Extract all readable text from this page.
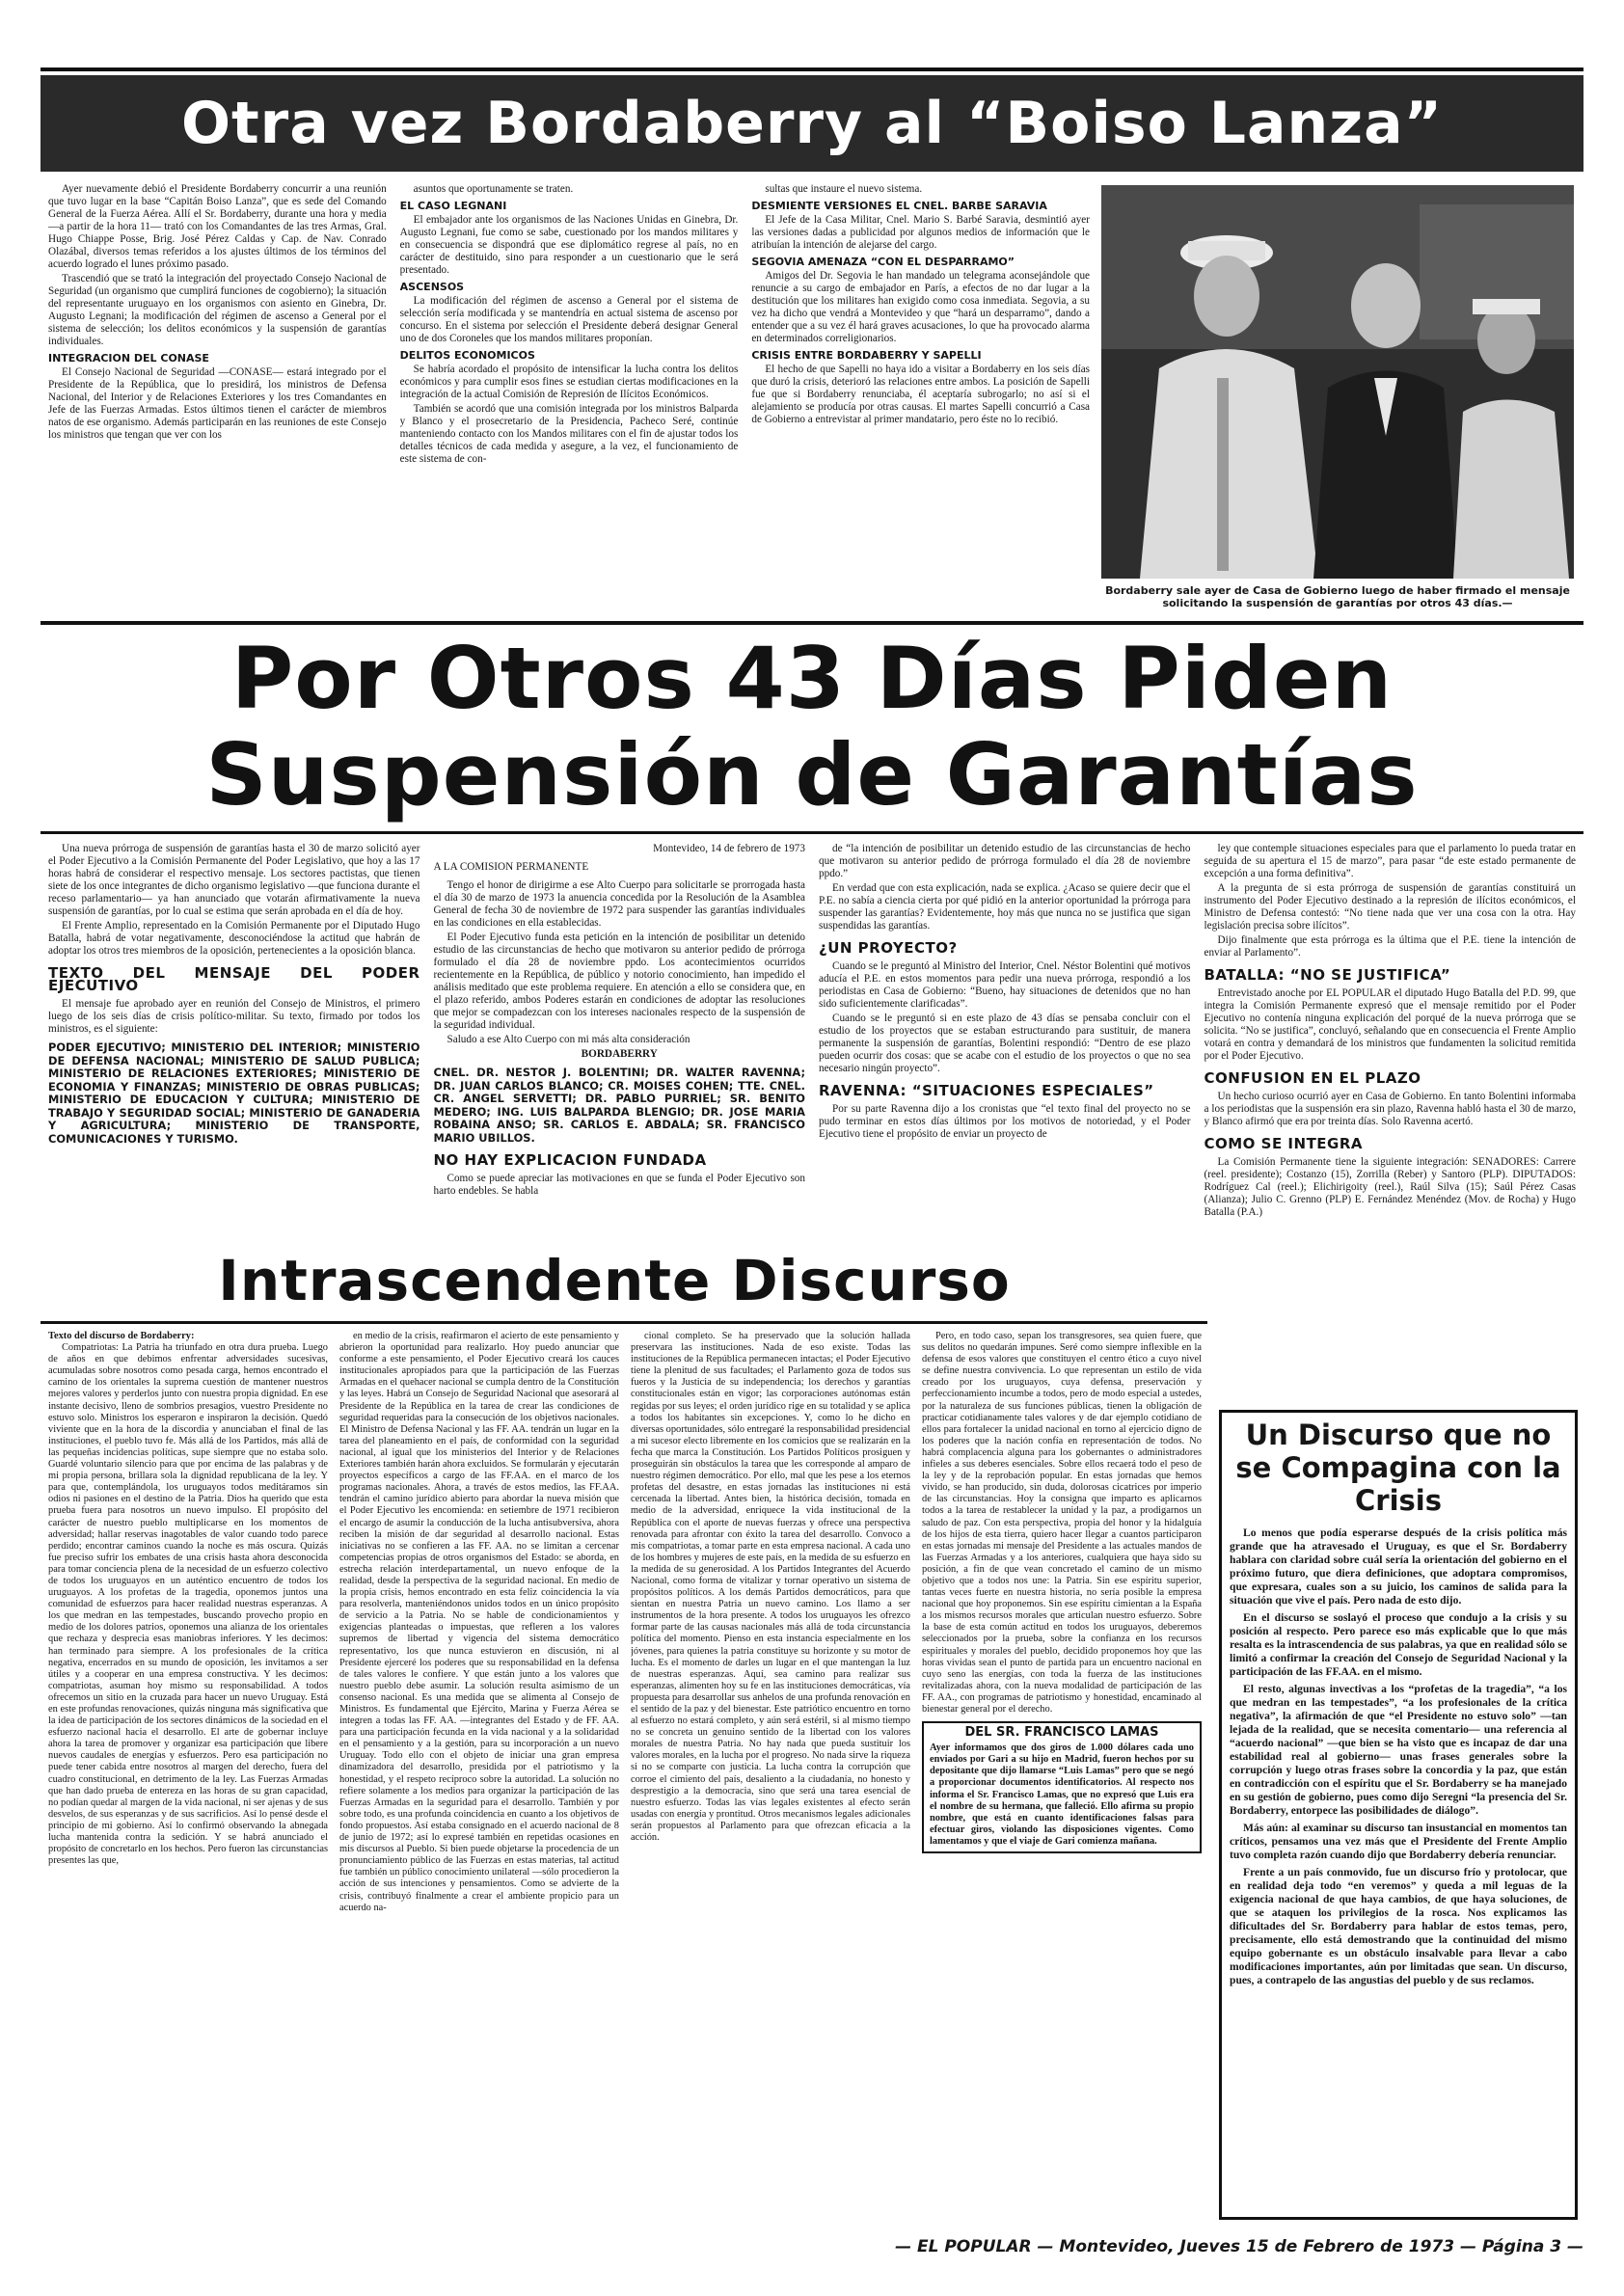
Otra vez Bordaberry al “Boiso Lanza”

Ayer nuevamente debió el Presidente Bordaberry concurrir a una reunión que tuvo lugar en la base “Capitán Boiso Lanza”, que es sede del Comando General de la Fuerza Aérea. Allí el Sr. Bordaberry, durante una hora y media —a partir de la hora 11— trató con los Comandantes de las tres Armas, Gral. Hugo Chiappe Posse, Brig. José Pérez Caldas y Cap. de Nav. Conrado Olazábal, diversos temas referidos a los ajustes últimos de los términos del acuerdo logrado el lunes próximo pasado.

Trascendió que se trató la integración del proyectado Consejo Nacional de Seguridad (un organismo que cumplirá funciones de cogobierno); la situación del representante uruguayo en los organismos con asiento en Ginebra, Dr. Augusto Legnani; la modificación del régimen de ascenso a General por el sistema de selección; los delitos económicos y la suspensión de garantías individuales.

INTEGRACION DEL CONASE

El Consejo Nacional de Seguridad —CONASE— estará integrado por el Presidente de la República, que lo presidirá, los ministros de Defensa Nacional, del Interior y de Relaciones Exteriores y los tres Comandantes en Jefe de las Fuerzas Armadas. Estos últimos tienen el carácter de miembros natos de ese organismo. Además participarán en las reuniones de este Consejo los ministros que tengan que ver con los

asuntos que oportunamente se traten.

EL CASO LEGNANI

El embajador ante los organismos de las Naciones Unidas en Ginebra, Dr. Augusto Legnani, fue como se sabe, cuestionado por los mandos militares y en consecuencia se dispondrá que ese diplomático regrese al país, no en carácter de destituido, sino para responder a un cuestionario que le será presentado.

ASCENSOS

La modificación del régimen de ascenso a General por el sistema de selección sería modificada y se mantendría en actual sistema de ascenso por concurso. En el sistema por selección el Presidente deberá designar General uno de dos Coroneles que los mandos militares proponían.

DELITOS ECONOMICOS

Se habría acordado el propósito de intensificar la lucha contra los delitos económicos y para cumplir esos fines se estudian ciertas modificaciones en la integración de la actual Comisión de Represión de Ilícitos Económicos.

También se acordó que una comisión integrada por los ministros Balparda y Blanco y el prosecretario de la Presidencia, Pacheco Seré, continúe manteniendo contacto con los Mandos militares con el fin de ajustar todos los detalles técnicos de cada medida y asegure, a la vez, el funcionamiento de este sistema de con-

sultas que instaure el nuevo sistema.

DESMIENTE VERSIONES EL CNEL. BARBE SARAVIA

El Jefe de la Casa Militar, Cnel. Mario S. Barbé Saravia, desmintió ayer las versiones dadas a publicidad por algunos medios de información que le atribuían la intención de alejarse del cargo.

SEGOVIA AMENAZA “CON EL DESPARRAMO”

Amigos del Dr. Segovia le han mandado un telegrama aconsejándole que renuncie a su cargo de embajador en París, a efectos de no dar lugar a la destitución que los militares han exigido como cosa inmediata. Segovia, a su vez ha dicho que vendrá a Montevideo y que “hará un desparramo”, dando a entender que a su vez él hará graves acusaciones, lo que ha provocado alarma en determinados correligionarios.

CRISIS ENTRE BORDABERRY Y SAPELLI

El hecho de que Sapelli no haya ido a visitar a Bordaberry en los seis días que duró la crisis, deterioró las relaciones entre ambos. La posición de Sapelli fue que si Bordaberry renunciaba, él aceptaría subrogarlo; no así si el alejamiento se producía por otras causas. El martes Sapelli concurrió a Casa de Gobierno a entrevistar al primer mandatario, pero éste no lo recibió.

Bordaberry sale ayer de Casa de Gobierno luego de haber firmado el mensaje solicitando la suspensión de garantías por otros 43 días.—
Por Otros 43 Días Piden
Suspensión de Garantías

Una nueva prórroga de suspensión de garantías hasta el 30 de marzo solicitó ayer el Poder Ejecutivo a la Comisión Permanente del Poder Legislativo, que hoy a las 17 horas habrá de considerar el respectivo mensaje. Los sectores pactistas, que tienen siete de los once integrantes de dicho organismo legislativo —que funciona durante el receso parlamentario— ya han anunciado que votarán afirmativamente la nueva suspensión de garantías, por lo cual se estima que serán aprobada en el día de hoy.

El Frente Amplio, representado en la Comisión Permanente por el Diputado Hugo Batalla, habrá de votar negativamente, desconociéndose la actitud que habrán de adoptar los otros tres miembros de la oposición, pertenecientes a la oposición blanca.

TEXTO DEL MENSAJE DEL PODER EJECUTIVO

El mensaje fue aprobado ayer en reunión del Consejo de Ministros, el primero luego de los seis días de crisis político-militar. Su texto, firmado por todos los ministros, es el siguiente:

PODER EJECUTIVO; MINISTERIO DEL INTERIOR; MINISTERIO DE DEFENSA NACIONAL; MINISTERIO DE SALUD PUBLICA; MINISTERIO DE RELACIONES EXTERIORES; MINISTERIO DE ECONOMIA Y FINANZAS; MINISTERIO DE OBRAS PUBLICAS; MINISTERIO DE EDUCACION Y CULTURA; MINISTERIO DE TRABAJO Y SEGURIDAD SOCIAL; MINISTERIO DE GANADERIA Y AGRICULTURA; MINISTERIO DE TRANSPORTE, COMUNICACIONES Y TURISMO.
Montevideo, 14 de febrero de 1973
A LA COMISION PERMANENTE

Tengo el honor de dirigirme a ese Alto Cuerpo para solicitarle se prorrogada hasta el día 30 de marzo de 1973 la anuencia concedida por la Resolución de la Asamblea General de fecha 30 de noviembre de 1972 para suspender las garantías individuales en las condiciones en ella establecidas.

El Poder Ejecutivo funda esta petición en la intención de posibilitar un detenido estudio de las circunstancias de hecho que motivaron su anterior pedido de prórroga formulado el día 28 de noviembre ppdo. Los acontecimientos ocurridos recientemente en la República, de público y notorio conocimiento, han impedido el análisis meditado que este problema requiere. En atención a ello se considera que, en el plazo referido, ambos Poderes estarán en condiciones de adoptar las resoluciones que mejor se compadezcan con los intereses nacionales respecto de la suspensión de la seguridad individual.

Saludo a ese Alto Cuerpo con mi más alta consideración

BORDABERRY
CNEL. DR. NESTOR J. BOLENTINI; DR. WALTER RAVENNA; DR. JUAN CARLOS BLANCO; CR. MOISES COHEN; TTE. CNEL. CR. ANGEL SERVETTI; DR. PABLO PURRIEL; SR. BENITO MEDERO; ING. LUIS BALPARDA BLENGIO; DR. JOSE MARIA ROBAINA ANSO; SR. CARLOS E. ABDALA; SR. FRANCISCO MARIO UBILLOS.
NO HAY EXPLICACION FUNDADA

Como se puede apreciar las motivaciones en que se funda el Poder Ejecutivo son harto endebles. Se habla

de “la intención de posibilitar un detenido estudio de las circunstancias de hecho que motivaron su anterior pedido de prórroga formulado el día 28 de noviembre ppdo.”

En verdad que con esta explicación, nada se explica. ¿Acaso se quiere decir que el P.E. no sabía a ciencia cierta por qué pidió en la anterior oportunidad la prórroga para suspender las garantías? Evidentemente, hoy más que nunca no se justifica que sigan suspendidas las garantías.

¿UN PROYECTO?

Cuando se le preguntó al Ministro del Interior, Cnel. Néstor Bolentini qué motivos aducía el P.E. en estos momentos para pedir una nueva prórroga, respondió a los periodistas en Casa de Gobierno: “Bueno, hay situaciones de detenidos que no han sido suficientemente clarificadas”.

Cuando se le preguntó si en este plazo de 43 días se pensaba concluir con el estudio de los proyectos que se estaban estructurando para sustituir, de manera permanente la suspensión de garantías, Bolentini respondió: “Dentro de ese plazo pueden ocurrir dos cosas: que se acabe con el estudio de los proyectos o que no sea necesario ningún proyecto”.

RAVENNA: “SITUACIONES ESPECIALES”

Por su parte Ravenna dijo a los cronistas que “el texto final del proyecto no se pudo terminar en estos días últimos por los motivos de notoriedad, y el Poder Ejecutivo tiene el propósito de enviar un proyecto de

ley que contemple situaciones especiales para que el parlamento lo pueda tratar en seguida de su apertura el 15 de marzo”, para pasar “de este estado permanente de excepción a una forma definitiva”.

A la pregunta de si esta prórroga de suspensión de garantías constituirá un instrumento del Poder Ejecutivo destinado a la represión de ilícitos económicos, el Ministro de Defensa contestó: “No tiene nada que ver una cosa con la otra. Hay legislación precisa sobre ilícitos”.

Dijo finalmente que esta prórroga es la última que el P.E. tiene la intención de enviar al Parlamento”.

BATALLA: “NO SE JUSTIFICA”

Entrevistado anoche por EL POPULAR el diputado Hugo Batalla del P.D. 99, que integra la Comisión Permanente expresó que el mensaje remitido por el Poder Ejecutivo no contenía ninguna explicación del porqué de la nueva prórroga que se solicita. “No se justifica”, concluyó, señalando que en consecuencia el Frente Amplio votará en contra y demandará de los ministros que fundamenten la solicitud remitida por el Poder Ejecutivo.

CONFUSION EN EL PLAZO

Un hecho curioso ocurrió ayer en Casa de Gobierno. En tanto Bolentini informaba a los periodistas que la suspensión era sin plazo, Ravenna habló hasta el 30 de marzo, y Blanco afirmó que era por treinta días. Solo Ravenna acertó.

COMO SE INTEGRA

La Comisión Permanente tiene la siguiente integración: SENADORES: Carrere (reel. presidente); Costanzo (15), Zorrilla (Reber) y Santoro (PLP). DIPUTADOS: Rodríguez Cal (reel.); Elichirigoity (reel.), Raúl Silva (15); Saúl Pérez Casas (Alianza); Julio C. Grenno (PLP) E. Fernández Menéndez (Mov. de Rocha) y Hugo Batalla (P.A.)

Intrascendente Discurso
Texto del discurso de Bordaberry:

Compatriotas: La Patria ha triunfado en otra dura prueba. Luego de años en que debimos enfrentar adversidades sucesivas, acumuladas sobre nosotros como pesada carga, hemos encontrado el camino de los orientales la suprema cuestión de mantener nuestros mejores valores y perderlos junto con nuestra propia dignidad. En ese instante decisivo, lleno de sombrios presagios, vuestro Presidente no estuvo solo. Ministros los esperaron e inspiraron la decisión. Quedó viviente que en la hora de la discordia y anunciaban el final de las instituciones, el pueblo tuvo fe. Más allá de los Partidos, más allá de las pequeñas incidencias políticas, supe siempre que no estaba solo. Guardé voluntario silencio para que por encima de las palabras y de mi propia persona, brillara sola la dignidad republicana de la ley. Y para que, contemplándola, los uruguayos todos meditáramos sin odios ni pasiones en el destino de la Patria. Dios ha querido que esta prueba fuera para nosotros un nuevo impulso. El propósito del carácter de nuestro pueblo multiplicarse en los momentos de adversidad; hallar reservas inagotables de valor cuando todo parece perdido; encontrar caminos cuando la noche es más oscura. Quizás fue preciso sufrir los embates de una crisis hasta ahora desconocida para tomar conciencia plena de la necesidad de un esfuerzo colectivo de todos los uruguayos en un auténtico encuentro de todos los uruguayos. A los profetas de la tragedia, oponemos juntos una comunidad de esfuerzos para hacer realidad nuestras esperanzas. A los que medran en las tempestades, buscando provecho propio en medio de los dolores patrios, oponemos una alianza de los orientales que rechaza y desprecia esas maniobras inferiores. Y les decimos: han terminado para siempre. A los profesionales de la crítica negativa, encerrados en su mundo de oposición, les invitamos a ser útiles y a cooperar en una empresa constructiva. Y les decimos: compatriotas, asuman hoy mismo su responsabilidad. A todos ofrecemos un sitio en la cruzada para hacer un nuevo Uruguay. Está en este profundas renovaciones, quizás ninguna más significativa que la idea de participación de los sectores dinámicos de la sociedad en el esfuerzo nacional hacia el desarrollo. El arte de gobernar incluye ahora la tarea de promover y organizar esa participación que libere nuevos caudales de energías y esfuerzos. Pero esa participación no puede tener cabida entre nosotros al margen del derecho, fuera del cuadro constitucional, en detrimento de la ley. Las Fuerzas Armadas que han dado prueba de entereza en las horas de su gran capacidad, no podían quedar al margen de la vida nacional, ni ser ajenas y de sus desvelos, de sus esperanzas y de sus sacrificios. Así lo pensé desde el principio de mi gobierno. Así lo confirmó observando la abnegada lucha mantenida contra la sedición. Y se habrá anunciado el propósito de concretarlo en los hechos. Pero fueron las circunstancias presentes las que,

en medio de la crisis, reafirmaron el acierto de este pensamiento y abrieron la oportunidad para realizarlo. Hoy puedo anunciar que conforme a este pensamiento, el Poder Ejecutivo creará los cauces institucionales apropiados para que la participación de las Fuerzas Armadas en el quehacer nacional se cumpla dentro de la Constitución y las leyes. Habrá un Consejo de Seguridad Nacional que asesorará al Presidente de la República en la tarea de crear las condiciones de seguridad requeridas para la consecución de los objetivos nacionales. El Ministro de Defensa Nacional y las FF. AA. tendrán un lugar en la tarea del planeamiento en el país, de conformidad con la seguridad nacional, al igual que los ministerios del Interior y de Relaciones Exteriores también harán ahora excluidos. Se formularán y ejecutarán proyectos específicos a cargo de las FF.AA. en el marco de los programas nacionales. Ahora, a través de estos medios, las FF.AA. tendrán el camino jurídico abierto para abordar la nueva misión que el Poder Ejecutivo les encomienda: en setiembre de 1971 recibieron el encargo de asumir la conducción de la lucha antisubversiva, ahora reciben la misión de dar seguridad al desarrollo nacional. Estas iniciativas no se confieren a las FF. AA. no se limitan a cercenar competencias propias de otros organismos del Estado: se aborda, en estrecha relación interdepartamental, un nuevo enfoque de la realidad, desde la perspectiva de la seguridad nacional. En medio de la propia crisis, hemos encontrado en esta feliz coincidencia la vía para resolverla, manteniéndonos unidos todos en un único propósito de servicio a la Patria. No se hable de condicionamientos y exigencias planteadas o impuestas, que refleren a los valores supremos de libertad y vigencia del sistema democrático representativo, los que nunca estuvieron en discusión, ni al Presidente ejerceré los poderes que su responsabilidad en la defensa de tales valores le confiere. Y que están junto a los valores que nuestro pueblo debe asumir. La solución resulta asimismo de un consenso nacional. Es una medida que se alimenta al Consejo de Ministros. Es fundamental que Ejército, Marina y Fuerza Aérea se integren a todas las FF. AA. —integrantes del Estado y de FF. AA. para una participación fecunda en la vida nacional y a la solidaridad en el pensamiento y a la gestión, para su incorporación a un nuevo Uruguay. Todo ello con el objeto de iniciar una gran empresa dinamizadora del desarrollo, presidida por el patriotismo y la honestidad, y el respeto recíproco sobre la autoridad. La solución no refiere solamente a los medios para organizar la participación de las Fuerzas Armadas en la seguridad para el desarrollo. También y por sobre todo, es una profunda coincidencia en cuanto a los objetivos de fondo propuestos. Así estaba consignado en el acuerdo nacional de 8 de junio de 1972; así lo expresé también en repetidas ocasiones en mis discursos al Pueblo. Si bien puede objetarse la procedencia de un pronunciamiento público de las Fuerzas en estas materias, tal actitud fue también un público conocimiento unilateral —sólo procedieron la acción de sus intenciones y pensamientos. Como se advierte de la crisis, contribuyó finalmente a crear el ambiente propicio para un acuerdo na-

cional completo. Se ha preservado que la solución hallada preservara las instituciones. Nada de eso existe. Todas las instituciones de la República permanecen intactas; el Poder Ejecutivo tiene la plenitud de sus facultades; el Parlamento goza de todos sus fueros y la Justicia de su independencia; los derechos y garantías constitucionales están en vigor; las corporaciones autónomas están regidas por sus leyes; el orden jurídico rige en su totalidad y se aplica a todos los habitantes sin excepciones. Y, como lo he dicho en diversas oportunidades, sólo entregaré la responsabilidad presidencial a mi sucesor electo libremente en los comicios que se realizarán en la fecha que marca la Constitución. Los Partidos Políticos prosiguen y proseguirán sin obstáculos la tarea que les corresponde al amparo de nuestro régimen democrático. Por ello, mal que les pese a los eternos profetas del desastre, en estas jornadas las instituciones ni está cercenada la libertad. Antes bien, la histórica decisión, tomada en medio de la adversidad, enriquece la vida institucional de la República con el aporte de nuevas fuerzas y ofrece una perspectiva renovada para afrontar con éxito la tarea del desarrollo. Convoco a mis compatriotas, a tomar parte en esta empresa nacional. A cada uno de los hombres y mujeres de este país, en la medida de su esfuerzo en la medida de su generosidad. A los Partidos Integrantes del Acuerdo Nacional, como forma de vitalizar y tornar operativo un sistema de propósitos políticos. A los demás Partidos democráticos, para que sientan en nuestra Patria un nuevo camino. Los llamo a ser instrumentos de la hora presente. A todos los uruguayos les ofrezco formar parte de las causas nacionales más allá de toda circunstancia política del momento. Pienso en esta instancia especialmente en los jóvenes, para quienes la patria constituye su horizonte y su motor de lucha. Es el momento de darles un lugar en el que mantengan la luz de nuestras esperanzas. Aquí, sea camino para realizar sus esperanzas, alimenten hoy su fe en las instituciones democráticas, vía propuesta para desarrollar sus anhelos de una profunda renovación en el sentido de la paz y del bienestar. Este patriótico encuentro en torno al esfuerzo no estará completo, y aún será estéril, si al mismo tiempo no se concreta un genuino sentido de la libertad con los valores morales de nuestra Patria. No hay nada que pueda sustituir los valores morales, en la lucha por el progreso. No nada sirve la riqueza si no se comparte con justicia. La lucha contra la corrupción que corroe el cimiento del país, desaliento a la ciudadanía, no honesto y desprestigio a la democracia, sino que será una tarea esencial de nuestro esfuerzo. Todas las vías legales existentes al efecto serán usadas con energía y prontitud. Otros mecanismos legales adicionales serán propuestos al Parlamento para que ofrezcan eficacia a la acción.

Pero, en todo caso, sepan los transgresores, sea quien fuere, que sus delitos no quedarán impunes. Seré como siempre inflexible en la defensa de esos valores que constituyen el centro ético a cuyo nivel se define nuestra convivencia. Lo que representan un estilo de vida creado por los uruguayos, cuya defensa, preservación y perfeccionamiento incumbe a todos, pero de modo especial a ustedes, por la naturaleza de sus funciones públicas, tienen la obligación de practicar cotidianamente tales valores y de dar ejemplo cotidiano de ellos para fortalecer la unidad nacional en torno al ejercicio digno de los poderes que la nación confía en representación de todos. No habrá complacencia alguna para los gobernantes o administradores infieles a sus deberes esenciales. Sobre ellos recaerá todo el peso de la ley y de la reprobación popular. En estas jornadas que hemos vivido, se han producido, sin duda, dolorosas cicatrices por imperio de las circunstancias. Hoy la consigna que imparto es aplicarnos todos a la tarea de restablecer la unidad y la paz, a prodigarnos un saludo de paz. Con esta perspectiva, propia del honor y la hidalguía de los hijos de esta tierra, quiero hacer llegar a cuantos participaron en estas jornadas mi mensaje del Presidente a las actuales mandos de las Fuerzas Armadas y a los anteriores, cualquiera que haya sido su posición, a fin de que vean concretado el camino de un mismo objetivo que a todos nos une: la Patria. Sin ese espíritu superior, tantas veces fuerte en nuestra historia, no sería posible la empresa nacional que hoy proponemos. Sin ese espíritu cimientan a la España a los mismos recursos morales que articulan nuestro esfuerzo. Sobre la base de esta común actitud en todos los uruguayos, deberemos seleccionados por la prueba, sobre la confianza en los recursos espirituales y morales del pueblo, decidido proponemos hoy que las horas vividas sean el punto de partida para un encuentro nacional en cuyo seno las energías, con toda la fuerza de las instituciones revitalizadas ahora, con la nueva modalidad de participación de las FF. AA., con programas de patriotismo y honestidad, encaminado al bienestar general por el derecho.

DEL SR. FRANCISCO LAMAS
Ayer informamos que dos giros de 1.000 dólares cada uno enviados por Gari a su hijo en Madrid, fueron hechos por su depositante que dijo llamarse “Luis Lamas” pero que se negó a proporcionar documentos identificatorios. Al respecto nos informa el Sr. Francisco Lamas, que no expresó que Luis era el nombre de su hermana, que falleció. Ello afirma su propio nombre, que está en cuanto identificaciones falsas para efectuar giros, violando las disposiciones vigentes. Como lamentamos y que el viaje de Gari comienza mañana.
Un Discurso que no se Compagina con la Crisis

Lo menos que podía esperarse después de la crisis política más grande que ha atravesado el Uruguay, es que el Sr. Bordaberry hablara con claridad sobre cuál sería la orientación del gobierno en el próximo futuro, que diera definiciones, que adoptara compromisos, que expresara, cuales son a su juicio, los caminos de salida para la situación que vive el país. Pero nada de esto dijo.

En el discurso se soslayó el proceso que condujo a la crisis y su posición al respecto. Pero parece eso más explicable que lo que más resalta es la intrascendencia de sus palabras, ya que en realidad sólo se limitó a confirmar la creación del Consejo de Seguridad Nacional y la participación de las FF.AA. en el mismo.

El resto, algunas invectivas a los “profetas de la tragedia”, “a los que medran en las tempestades”, “a los profesionales de la crítica negativa”, la afirmación de que “el Presidente no estuvo solo” —tan lejada de la realidad, que se necesita comentario— una referencia al “acuerdo nacional” —que bien se ha visto que es incapaz de dar una estabilidad real al gobierno— unas frases generales sobre la corrupción y luego otras frases sobre la concordia y la paz, que están en contradicción con el espíritu que el Sr. Bordaberry se ha manejado en su gestión de gobierno, pues como dijo Seregni “la presencia del Sr. Bordaberry, entorpece las posibilidades de diálogo”.

Más aún: al examinar su discurso tan insustancial en momentos tan críticos, pensamos una vez más que el Presidente del Frente Amplio tuvo completa razón cuando dijo que Bordaberry debería renunciar.

Frente a un país conmovido, fue un discurso frío y protolocar, que en realidad deja todo “en veremos” y queda a mil leguas de la exigencia nacional de que haya cambios, de que haya soluciones, de que se ataquen los privilegios de la rosca. Nos explicamos las dificultades del Sr. Bordaberry para hablar de estos temas, pero, precisamente, ello está demostrando que la continuidad del mismo equipo gobernante es un obstáculo insalvable para llevar a cabo modificaciones importantes, aún por limitadas que sean. Un discurso, pues, a contrapelo de las angustias del pueblo y de sus reclamos.

— EL POPULAR — Montevideo, Jueves 15 de Febrero de 1973 — Página 3 —
